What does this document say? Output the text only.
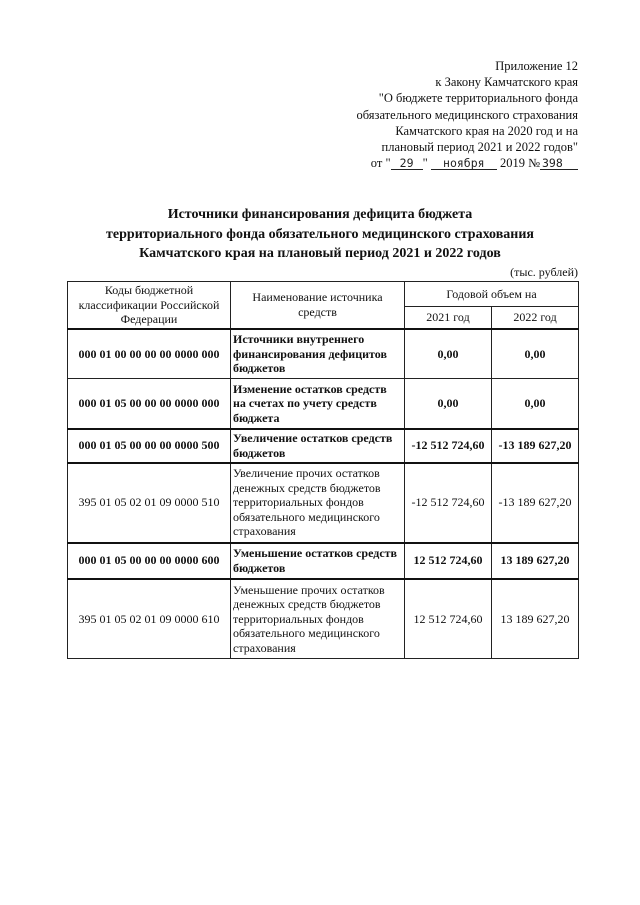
Приложение 12
к Закону Камчатского края
"О бюджете территориального фонда
обязательного медицинского страхования
Камчатского края на 2020 год и на
плановый период 2021 и 2022 годов"
от " 29 " ноября 2019 № 398
Источники финансирования дефицита бюджета
территориального фонда обязательного медицинского страхования
Камчатского края на плановый период 2021 и 2022 годов
(тыс. рублей)
Коды бюджетной классификации Российской Федерации	Наименование источника средств	Годовой объем на	
		2021 год	2022 год
000 01 00 00 00 00 0000 000	Источники внутреннего финансирования дефицитов бюджетов	0,00	0,00
000 01 05 00 00 00 0000 000	Изменение остатков средств на счетах по учету средств бюджета	0,00	0,00
000 01 05 00 00 00 0000 500	Увеличение остатков средств бюджетов	-12 512 724,60	-13 189 627,20
395 01 05 02 01 09 0000 510	Увеличение прочих остатков денежных средств бюджетов территориальных фондов обязательного медицинского страхования	-12 512 724,60	-13 189 627,20
000 01 05 00 00 00 0000 600	Уменьшение остатков средств бюджетов	12 512 724,60	13 189 627,20
395 01 05 02 01 09 0000 610	Уменьшение прочих остатков денежных средств бюджетов территориальных фондов обязательного медицинского страхования	12 512 724,60	13 189 627,20
